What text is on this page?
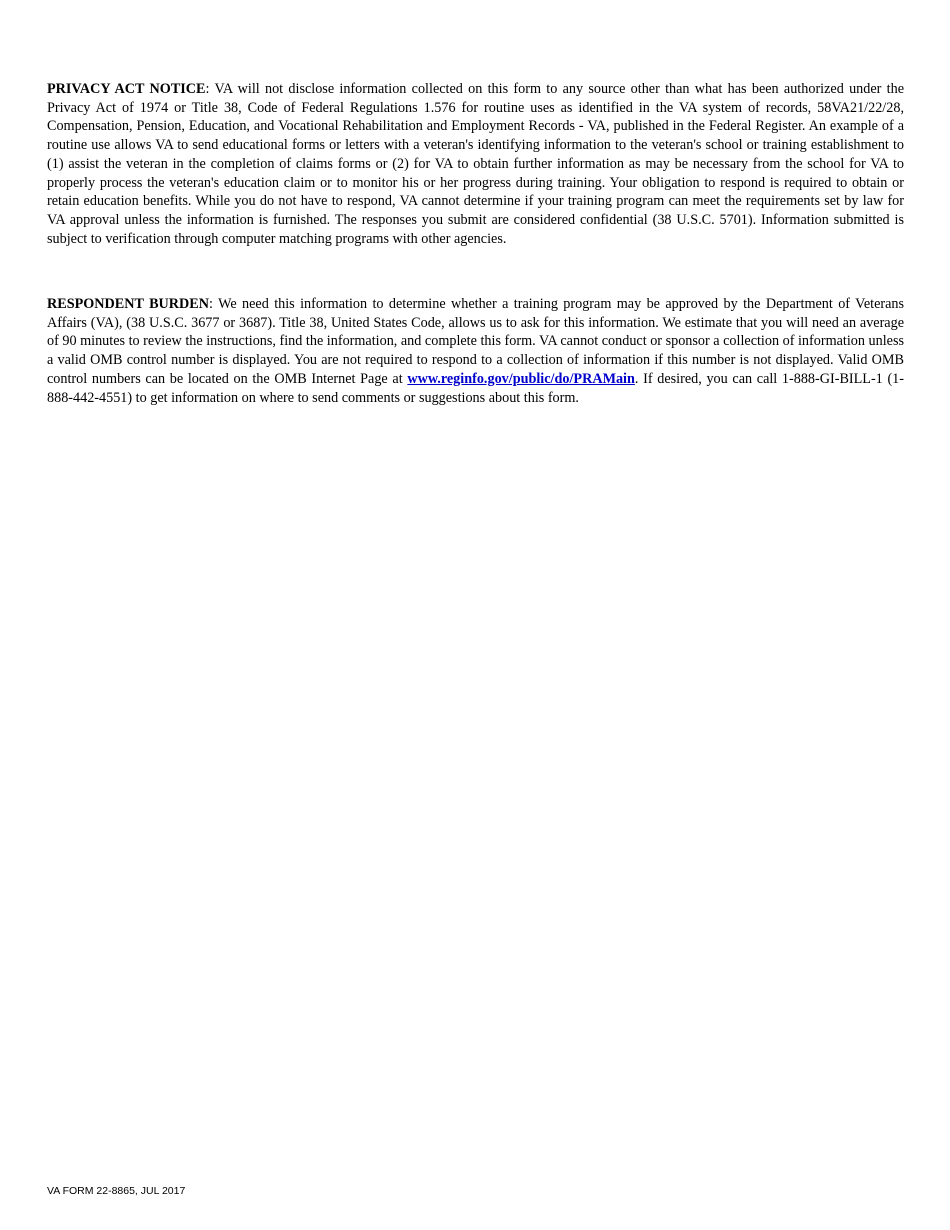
PRIVACY ACT NOTICE: VA will not disclose information collected on this form to any source other than what has been authorized under the Privacy Act of 1974 or Title 38, Code of Federal Regulations 1.576 for routine uses as identified in the VA system of records, 58VA21/22/28, Compensation, Pension, Education, and Vocational Rehabilitation and Employment Records - VA, published in the Federal Register. An example of a routine use allows VA to send educational forms or letters with a veteran's identifying information to the veteran's school or training establishment to (1) assist the veteran in the completion of claims forms or (2) for VA to obtain further information as may be necessary from the school for VA to properly process the veteran's education claim or to monitor his or her progress during training. Your obligation to respond is required to obtain or retain education benefits. While you do not have to respond, VA cannot determine if your training program can meet the requirements set by law for VA approval unless the information is furnished. The responses you submit are considered confidential (38 U.S.C. 5701). Information submitted is subject to verification through computer matching programs with other agencies.

RESPONDENT BURDEN: We need this information to determine whether a training program may be approved by the Department of Veterans Affairs (VA), (38 U.S.C. 3677 or 3687). Title 38, United States Code, allows us to ask for this information. We estimate that you will need an average of 90 minutes to review the instructions, find the information, and complete this form. VA cannot conduct or sponsor a collection of information unless a valid OMB control number is displayed. You are not required to respond to a collection of information if this number is not displayed. Valid OMB control numbers can be located on the OMB Internet Page at www.reginfo.gov/public/do/PRAMain. If desired, you can call 1-888-GI-BILL-1 (1-888-442-4551) to get information on where to send comments or suggestions about this form.

VA FORM 22-8865, JUL 2017
